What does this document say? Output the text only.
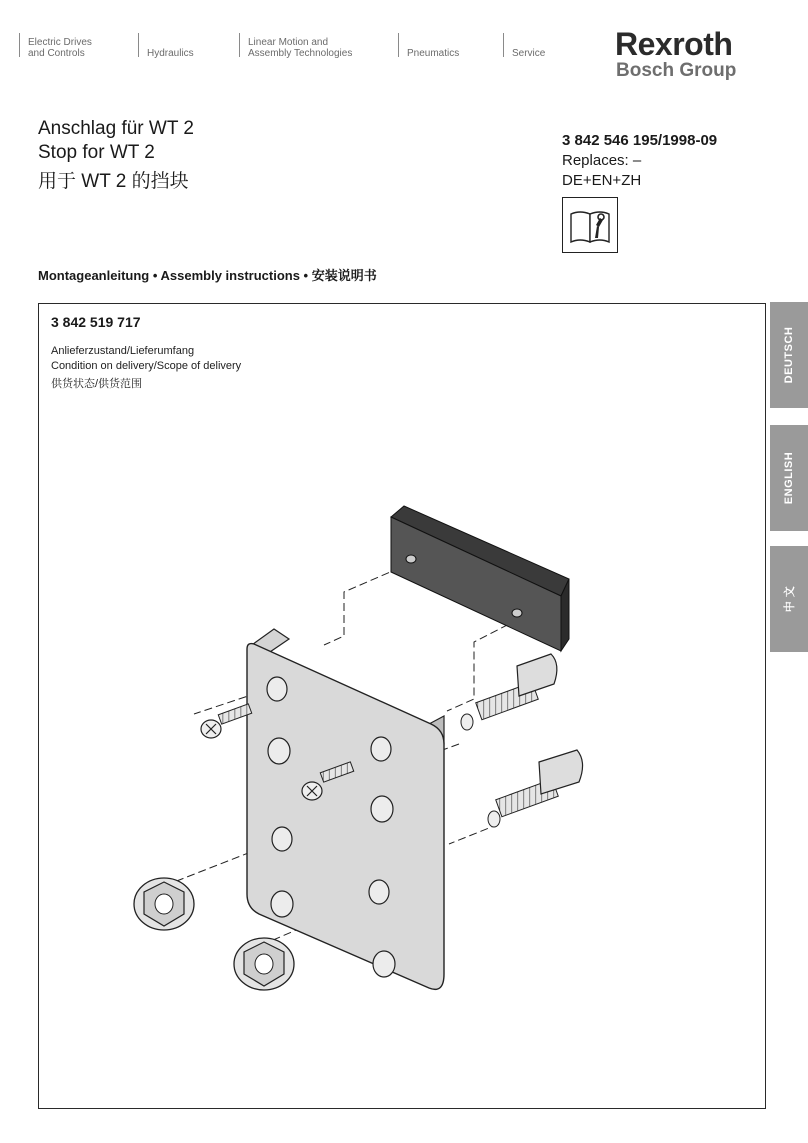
Electric Drives
and Controls	Hydraulics
Linear Motion and
Assembly Technologies	Pneumatics	Service Rexroth
Bosch Group
Anschlag für WT 2
Stop for WT 2
用于 WT 2 的挡块
3 842 546 195/1998-09
Replaces: –
DE+EN+ZH
Montageanleitung • Assembly instructions • 安装说明书
3 842 519 717
Anlieferzustand/Lieferumfang
Condition on delivery/Scope of delivery
供货状态/供货范围
DEUTSCH
ENGLISH
中 文
